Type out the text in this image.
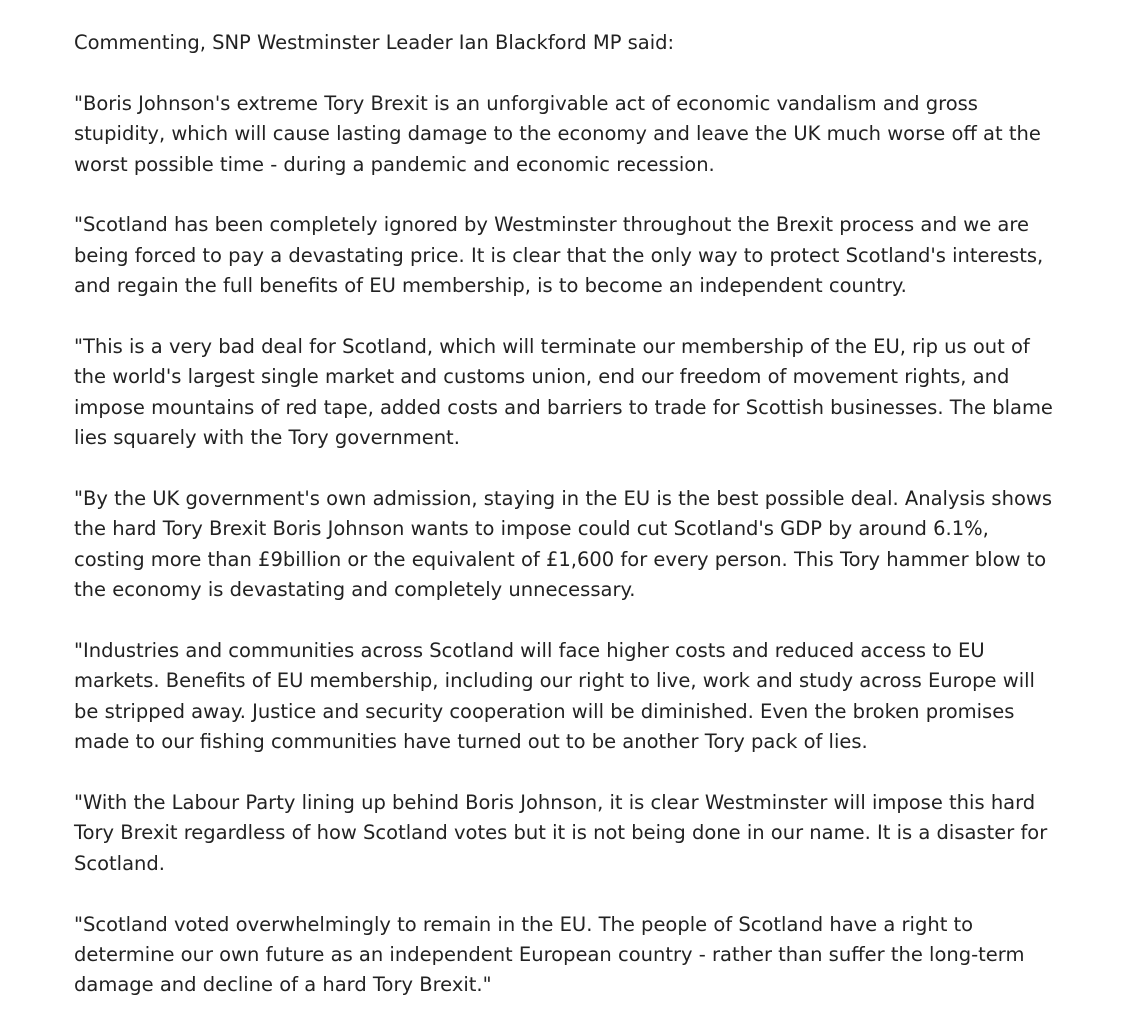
Commenting, SNP Westminster Leader Ian Blackford MP said:

"Boris Johnson's extreme Tory Brexit is an unforgivable act of economic vandalism and gross stupidity, which will cause lasting damage to the economy and leave the UK much worse off at the worst possible time - during a pandemic and economic recession.

"Scotland has been completely ignored by Westminster throughout the Brexit process and we are being forced to pay a devastating price. It is clear that the only way to protect Scotland's interests, and regain the full benefits of EU membership, is to become an independent country.

"This is a very bad deal for Scotland, which will terminate our membership of the EU, rip us out of the world's largest single market and customs union, end our freedom of movement rights, and impose mountains of red tape, added costs and barriers to trade for Scottish businesses. The blame lies squarely with the Tory government.

"By the UK government's own admission, staying in the EU is the best possible deal. Analysis shows the hard Tory Brexit Boris Johnson wants to impose could cut Scotland's GDP by around 6.1%, costing more than £9billion or the equivalent of £1,600 for every person. This Tory hammer blow to the economy is devastating and completely unnecessary.

"Industries and communities across Scotland will face higher costs and reduced access to EU markets. Benefits of EU membership, including our right to live, work and study across Europe will be stripped away. Justice and security cooperation will be diminished. Even the broken promises made to our fishing communities have turned out to be another Tory pack of lies.

"With the Labour Party lining up behind Boris Johnson, it is clear Westminster will impose this hard Tory Brexit regardless of how Scotland votes but it is not being done in our name. It is a disaster for Scotland.

"Scotland voted overwhelmingly to remain in the EU. The people of Scotland have a right to determine our own future as an independent European country - rather than suffer the long-term damage and decline of a hard Tory Brexit."
